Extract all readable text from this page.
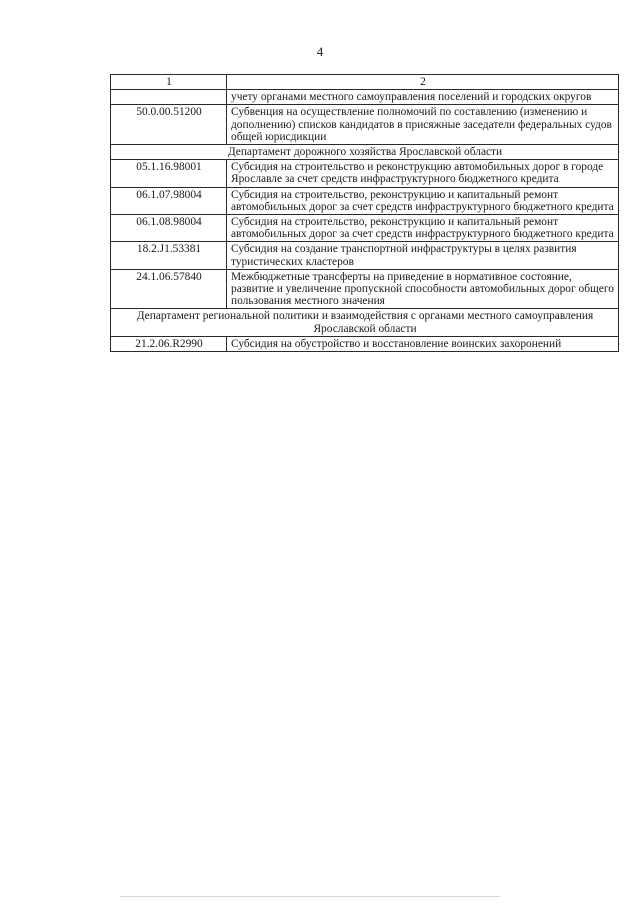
4
1	2
	учету органами местного самоуправления поселений и городских округов
50.0.00.51200	Субвенция на осуществление полномочий по составлению (изменению и дополнению) списков кандидатов в присяжные заседатели федеральных судов общей юрисдикции
Департамент дорожного хозяйства Ярославской области	
05.1.16.98001	Субсидия на строительство и реконструкцию автомобильных дорог в городе Ярославле за счет средств инфраструктурного бюджетного кредита
06.1.07.98004	Субсидия на строительство, реконструкцию и капитальный ремонт автомобильных дорог за счет средств инфраструктурного бюджетного кредита
06.1.08.98004	Субсидия на строительство, реконструкцию и капитальный ремонт автомобильных дорог за счет средств инфраструктурного бюджетного кредита
18.2.J1.53381	Субсидия на создание транспортной инфраструктуры в целях развития туристических кластеров
24.1.06.57840	Межбюджетные трансферты на приведение в нормативное состояние, развитие и увеличение пропускной способности автомобильных дорог общего пользования местного значения
Департамент региональной политики и взаимодействия с органами местного самоуправления Ярославской области	
21.2.06.R2990	Субсидия на обустройство и восстановление воинских захоронений
